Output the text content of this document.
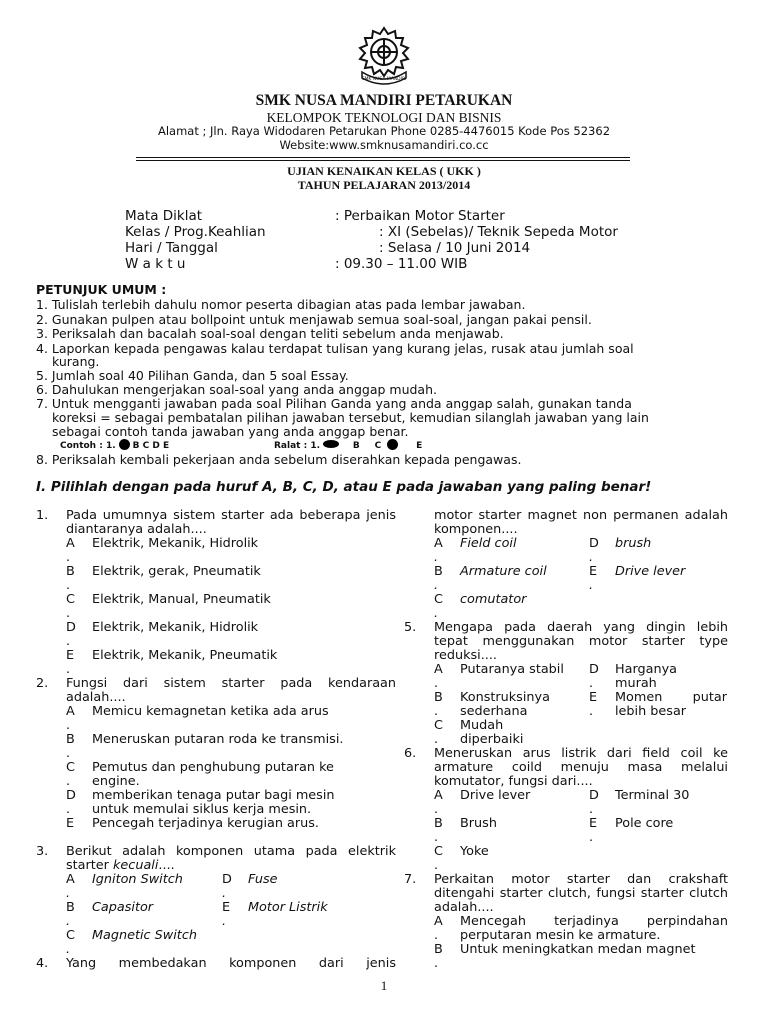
SMK NUSA MANDIRI
SMK NUSA MANDIRI PETARUKAN
KELOMPOK TEKNOLOGI DAN BISNIS
Alamat ; Jln. Raya Widodaren Petarukan Phone 0285-4476015 Kode Pos 52362
Website:www.smknusamandiri.co.cc
UJIAN KENAIKAN KELAS ( UKK )
TAHUN PELAJARAN 2013/2014
Mata Diklat	: Perbaikan Motor Starter
Kelas / Prog.Keahlian	: XI (Sebelas)/ Teknik Sepeda Motor
Hari / Tanggal	: Selasa / 10 Juni 2014
W a k t u	: 09.30 – 11.00 WIB
PETUNJUK UMUM :
1. Tulislah terlebih dahulu nomor peserta dibagian atas pada lembar jawaban.
2. Gunakan pulpen atau bollpoint untuk menjawab semua soal-soal, jangan pakai pensil.
3. Periksalah dan bacalah soal-soal dengan teliti sebelum anda menjawab.
4. Laporkan kepada pengawas kalau terdapat tulisan yang kurang jelas, rusak atau jumlah soal
kurang.
5. Jumlah soal 40 Pilihan Ganda, dan 5 soal Essay.
6. Dahulukan mengerjakan soal-soal yang anda anggap mudah.
7. Untuk mengganti jawaban pada soal Pilihan Ganda yang anda anggap salah, gunakan tanda
koreksi = sebagai pembatalan pilihan jawaban tersebut, kemudian silanglah jawaban yang lain
sebagai contoh tanda jawaban yang anda anggap benar.
8. Periksalah kembali pekerjaan anda sebelum diserahkan kepada pengawas.
Contoh : 1. B C D E	Ralat : 1.	B C	E
I. Pilihlah dengan pada huruf A, B, C, D, atau E pada jawaban yang paling benar!
1.	Pada umumnya sistem starter ada beberapa jenis diantaranya adalah....
A
.
Elektrik, Mekanik, Hidrolik
B
.
Elektrik, gerak, Pneumatik
C
.
Elektrik, Manual, Pneumatik
D
.
Elektrik, Mekanik, Hidrolik
E
.
Elektrik, Mekanik, Pneumatik
2.	Fungsi dari sistem starter pada kendaraan adalah....
A
.
Memicu kemagnetan ketika ada arus
B
.
Meneruskan putaran roda ke transmisi.
C
.
Pemutus dan penghubung putaran ke engine.
D
.
memberikan tenaga putar bagi mesin untuk memulai siklus kerja mesin.
E Pencegah terjadinya kerugian arus.
3.	Berikut adalah komponen utama pada elektrik starter kecuali....
A
.
Igniton Switch
B
.
Capasitor
C
.
Magnetic Switch
D
.
Fuse
E
.
Motor Listrik
4.	Yang membedakan komponen dari jenis
motor starter magnet non permanen adalah komponen....
A
.
Field coil
B
.
Armature coil
C
.
comutator
D
.
brush
E
.
Drive lever
5.	Mengapa pada daerah yang dingin lebih tepat menggunakan motor starter type reduksi....
A
.
Putaranya stabil
B
.
Konstruksinya sederhana
C
.
Mudah diperbaiki
D
.
Harganya murah
E
.
Momen putar lebih besar
6.	Meneruskan arus listrik dari field coil ke armature coild menuju masa melalui komutator, fungsi dari....
A
.
Drive lever
B
.
Brush
C
.
Yoke
D
.
Terminal 30
E
.
Pole core
7.	Perkaitan motor starter dan crakshaft ditengahi starter clutch, fungsi starter clutch adalah....
A
.
Mencegah terjadinya perpindahan perputaran mesin ke armature.
B
.
Untuk meningkatkan medan magnet
1
